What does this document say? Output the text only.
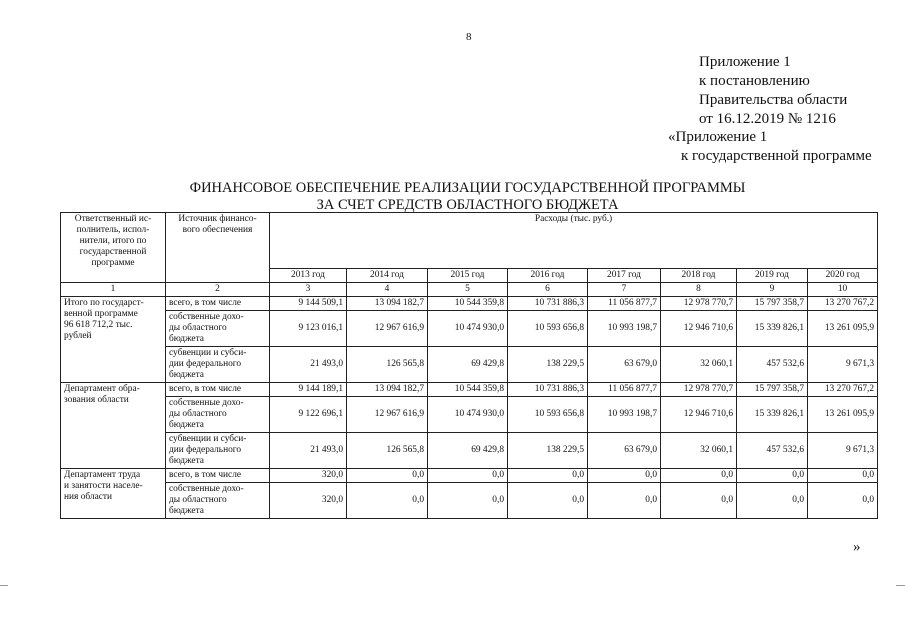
8
Приложение 1
к постановлению
Правительства области
от 16.12.2019 № 1216
«Приложение 1
к государственной программе
ФИНАНСОВОЕ ОБЕСПЕЧЕНИЕ РЕАЛИЗАЦИИ ГОСУДАРСТВЕННОЙ ПРОГРАММЫ
ЗА СЧЕТ СРЕДСТВ ОБЛАСТНОГО БЮДЖЕТА
Ответственный ис-
полнитель, испол-
нители, итого по
государственной
программе	Источник финансо-
вого обеспечения	Расходы (тыс. руб.)							
		2013 год	2014 год	2015 год	2016 год	2017 год	2018 год	2019 год	2020 год
1	2	3	4	5	6	7	8	9	10
Итого по государст-
венной программе
96 618 712,2 тыс.
рублей	всего, в том числе	9 144 509,1	13 094 182,7	10 544 359,8	10 731 886,3	11 056 877,7	12 978 770,7	15 797 358,7	13 270 767,2
	собственные дохо-
ды областного
бюджета	9 123 016,1	12 967 616,9	10 474 930,0	10 593 656,8	10 993 198,7	12 946 710,6	15 339 826,1	13 261 095,9
	субвенции и субси-
дии федерального
бюджета	21 493,0	126 565,8	69 429,8	138 229,5	63 679,0	32 060,1	457 532,6	9 671,3
Департамент обра-
зования области	всего, в том числе	9 144 189,1	13 094 182,7	10 544 359,8	10 731 886,3	11 056 877,7	12 978 770,7	15 797 358,7	13 270 767,2
	собственные дохо-
ды областного
бюджета	9 122 696,1	12 967 616,9	10 474 930,0	10 593 656,8	10 993 198,7	12 946 710,6	15 339 826,1	13 261 095,9
	субвенции и субси-
дии федерального
бюджета	21 493,0	126 565,8	69 429,8	138 229,5	63 679,0	32 060,1	457 532,6	9 671,3
Департамент труда
и занятости населе-
ния области	всего, в том числе	320,0	0,0	0,0	0,0	0,0	0,0	0,0	0,0
	собственные дохо-
ды областного
бюджета	320,0	0,0	0,0	0,0	0,0	0,0	0,0	0,0
»
